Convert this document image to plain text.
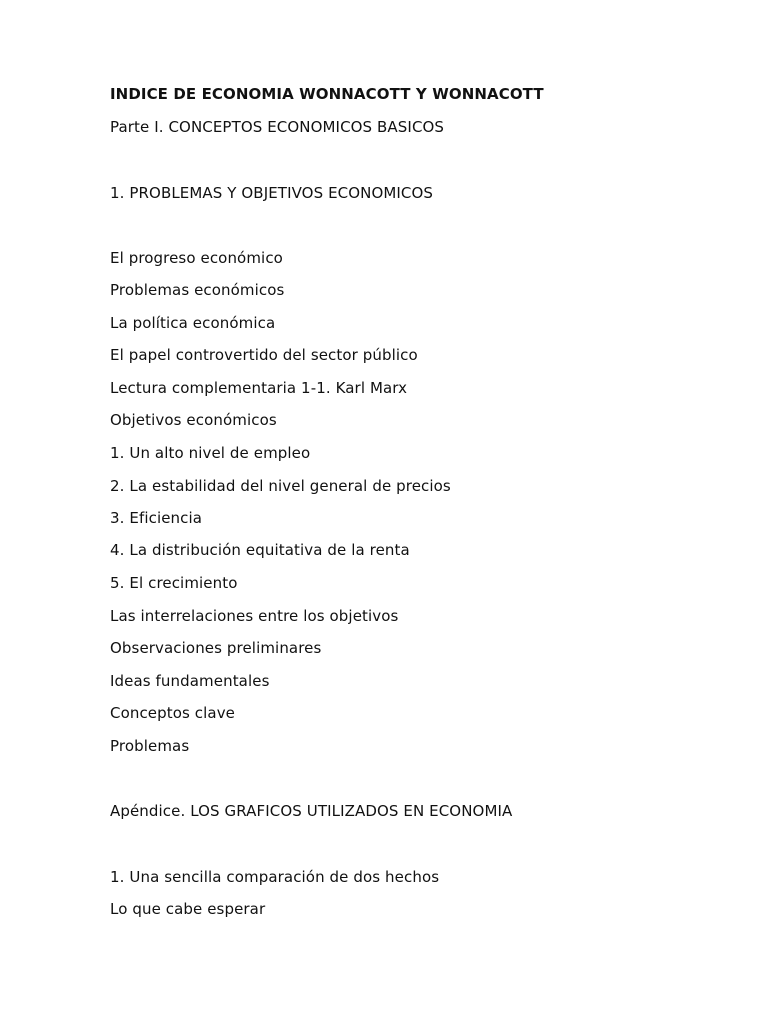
INDICE DE ECONOMIA WONNACOTT Y WONNACOTT
Parte I. CONCEPTOS ECONOMICOS BASICOS
1. PROBLEMAS Y OBJETIVOS ECONOMICOS
El progreso económico
Problemas económicos
La política económica
El papel controvertido del sector público
Lectura complementaria 1-1. Karl Marx
Objetivos económicos
1. Un alto nivel de empleo
2. La estabilidad del nivel general de precios
3. Eficiencia
4. La distribución equitativa de la renta
5. El crecimiento
Las interrelaciones entre los objetivos
Observaciones preliminares
Ideas fundamentales
Conceptos clave
Problemas
Apéndice. LOS GRAFICOS UTILIZADOS EN ECONOMIA
1. Una sencilla comparación de dos hechos
Lo que cabe esperar
